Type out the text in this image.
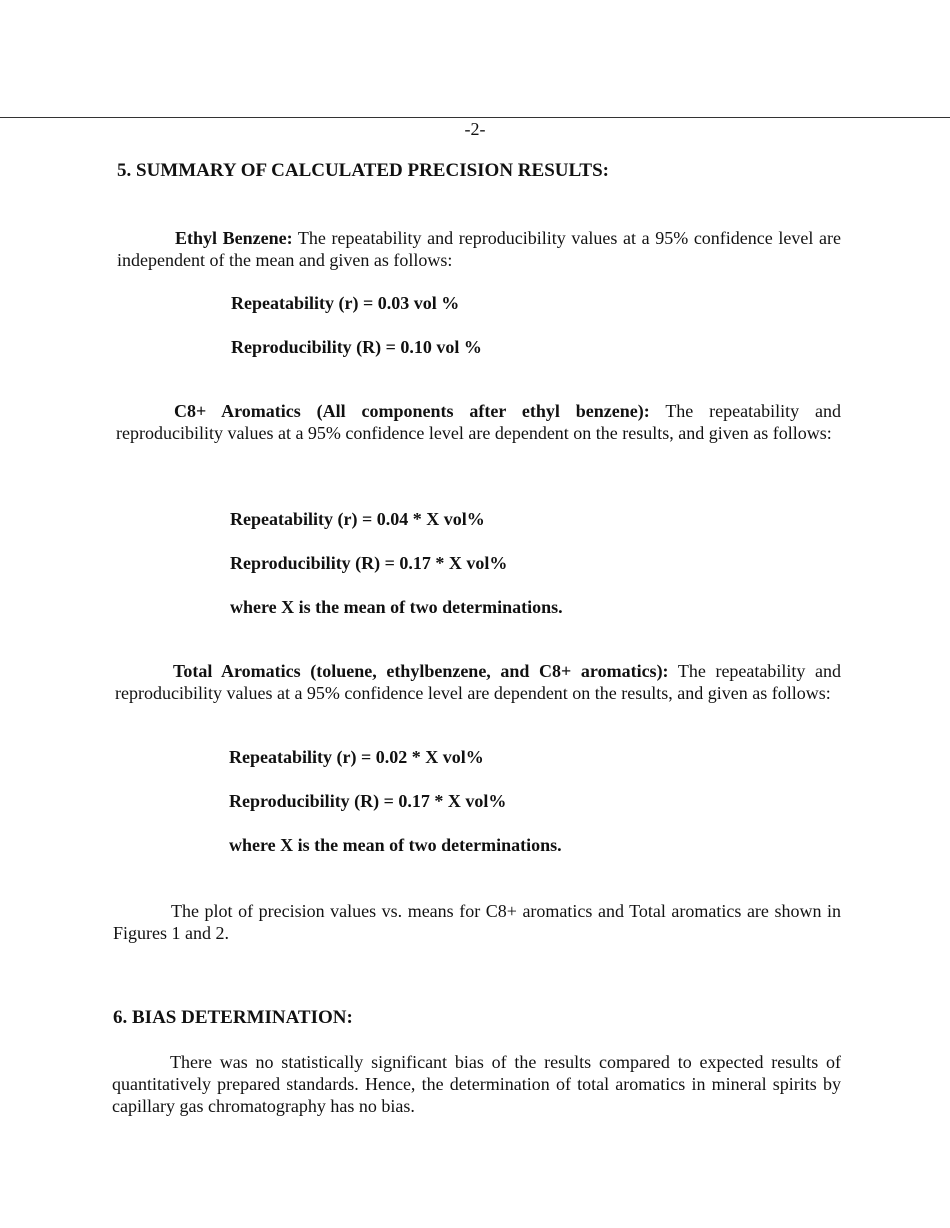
-2-
5. SUMMARY OF CALCULATED PRECISION RESULTS:

Ethyl Benzene: The repeatability and reproducibility values at a 95% confidence level are independent of the mean and given as follows:

Repeatability (r) = 0.03 vol %

Reproducibility (R) = 0.10 vol %

C8+ Aromatics (All components after ethyl benzene): The repeatability and reproducibility values at a 95% confidence level are dependent on the results, and given as follows:

Repeatability (r) = 0.04 * X vol%

Reproducibility (R) = 0.17 * X vol%

where X is the mean of two determinations.

Total Aromatics (toluene, ethylbenzene, and C8+ aromatics): The repeatability and reproducibility values at a 95% confidence level are dependent on the results, and given as follows:

Repeatability (r) = 0.02 * X vol%

Reproducibility (R) = 0.17 * X vol%

where X is the mean of two determinations.

The plot of precision values vs. means for C8+ aromatics and Total aromatics are shown in Figures 1 and 2.

6. BIAS DETERMINATION:

There was no statistically significant bias of the results compared to expected results of quantitatively prepared standards. Hence, the determination of total aromatics in mineral spirits by capillary gas chromatography has no bias.
